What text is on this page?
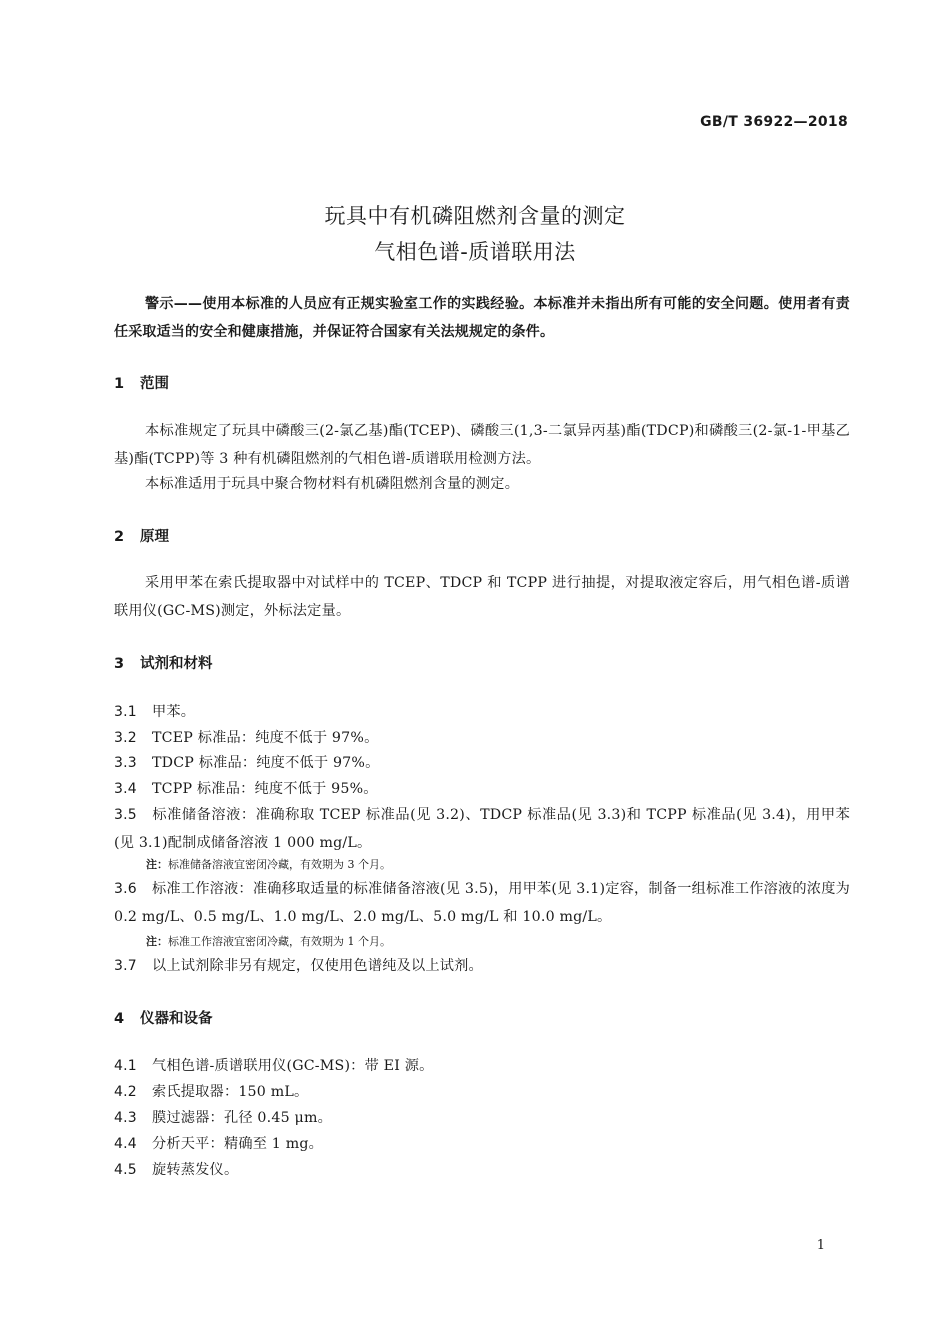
GB/T 36922—2018
玩具中有机磷阻燃剂含量的测定
气相色谱-质谱联用法
警示——使用本标准的人员应有正规实验室工作的实践经验。本标准并未指出所有可能的安全问题。使用者有责任采取适当的安全和健康措施，并保证符合国家有关法规规定的条件。
1 范围
本标准规定了玩具中磷酸三(2-氯乙基)酯(TCEP)、磷酸三(1,3-二氯异丙基)酯(TDCP)和磷酸三(2-氯-1-甲基乙基)酯(TCPP)等 3 种有机磷阻燃剂的气相色谱-质谱联用检测方法。
本标准适用于玩具中聚合物材料有机磷阻燃剂含量的测定。
2 原理
采用甲苯在索氏提取器中对试样中的 TCEP、TDCP 和 TCPP 进行抽提，对提取液定容后，用气相色谱-质谱联用仪(GC-MS)测定，外标法定量。
3 试剂和材料
3.1 甲苯。
3.2 TCEP 标准品：纯度不低于 97%。
3.3 TDCP 标准品：纯度不低于 97%。
3.4 TCPP 标准品：纯度不低于 95%。
3.5 标准储备溶液：准确称取 TCEP 标准品(见 3.2)、TDCP 标准品(见 3.3)和 TCPP 标准品(见 3.4)，用甲苯(见 3.1)配制成储备溶液 1 000 mg/L。
注：标准储备溶液宜密闭冷藏，有效期为 3 个月。
3.6 标准工作溶液：准确移取适量的标准储备溶液(见 3.5)，用甲苯(见 3.1)定容，制备一组标准工作溶液的浓度为 0.2 mg/L、0.5 mg/L、1.0 mg/L、2.0 mg/L、5.0 mg/L 和 10.0 mg/L。
注：标准工作溶液宜密闭冷藏，有效期为 1 个月。
3.7 以上试剂除非另有规定，仅使用色谱纯及以上试剂。
4 仪器和设备
4.1 气相色谱-质谱联用仪(GC-MS)：带 EI 源。
4.2 索氏提取器：150 mL。
4.3 膜过滤器：孔径 0.45 μm。
4.4 分析天平：精确至 1 mg。
4.5 旋转蒸发仪。
1
